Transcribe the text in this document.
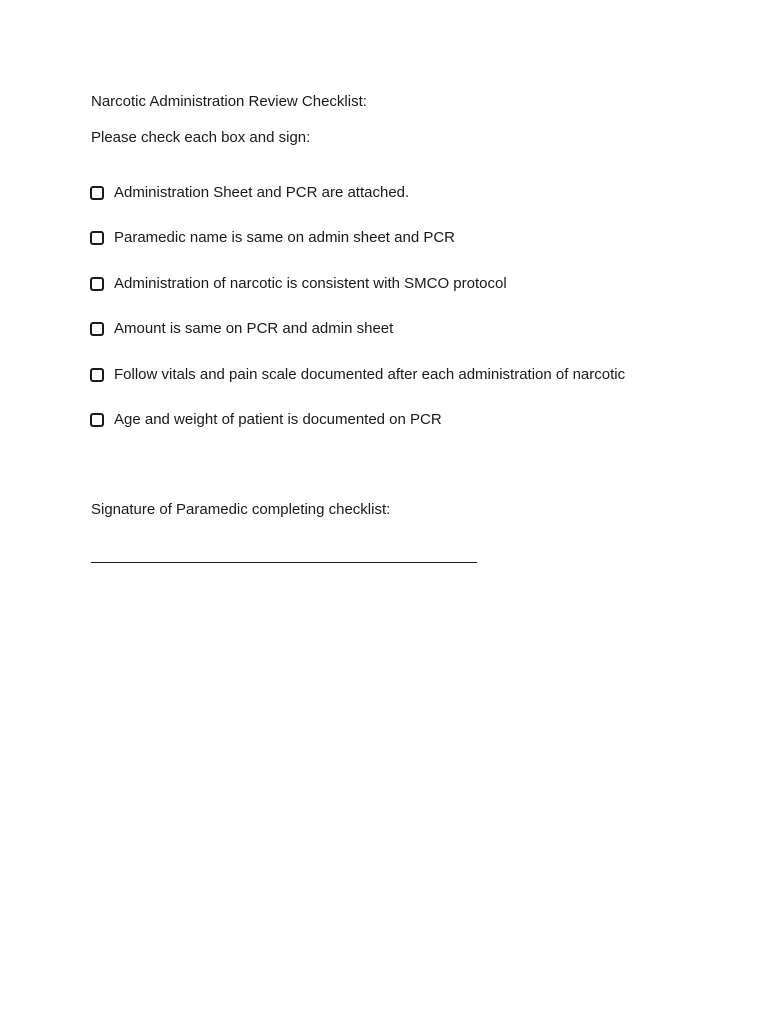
Narcotic Administration Review Checklist:
Please check each box and sign:
Administration Sheet and PCR are attached.
Paramedic name is same on admin sheet and PCR
Administration of narcotic is consistent with SMCO protocol
Amount is same on PCR and admin sheet
Follow vitals and pain scale documented after each administration of narcotic
Age and weight of patient is documented on PCR
Signature of Paramedic completing checklist:
